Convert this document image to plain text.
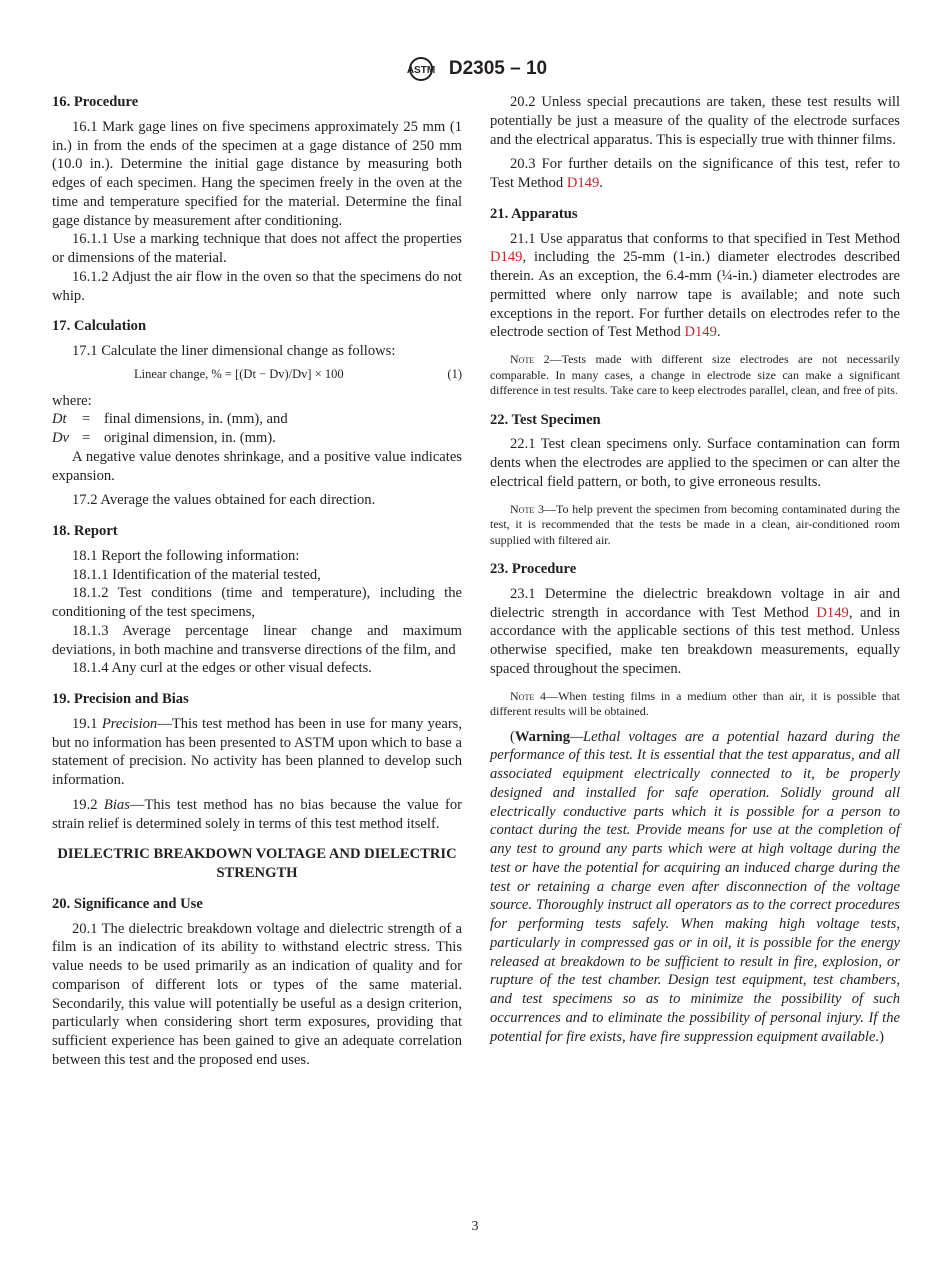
ASTM D2305 – 10
16. Procedure

16.1 Mark gage lines on five specimens approximately 25 mm (1 in.) in from the ends of the specimen at a gage distance of 250 mm (10.0 in.). Determine the initial gage distance by measuring both edges of each specimen. Hang the specimen freely in the oven at the time and temperature specified for the material. Determine the final gage distance by measurement after conditioning.

16.1.1 Use a marking technique that does not affect the properties or dimensions of the material.

16.1.2 Adjust the air flow in the oven so that the specimens do not whip.

17. Calculation

17.1 Calculate the liner dimensional change as follows:

Linear change, % = [(Dt − Dv)/Dv] × 100	(1)
where:
Dt	= final dimensions, in. (mm), and
Dv = original dimension, in. (mm).

A negative value denotes shrinkage, and a positive value indicates expansion.

17.2 Average the values obtained for each direction.

18. Report

18.1 Report the following information:

18.1.1 Identification of the material tested,

18.1.2 Test conditions (time and temperature), including the conditioning of the test specimens,

18.1.3 Average percentage linear change and maximum deviations, in both machine and transverse directions of the film, and

18.1.4 Any curl at the edges or other visual defects.

19. Precision and Bias

19.1 Precision—This test method has been in use for many years, but no information has been presented to ASTM upon which to base a statement of precision. No activity has been planned to develop such information.

19.2 Bias—This test method has no bias because the value for strain relief is determined solely in terms of this test method itself.

DIELECTRIC BREAKDOWN VOLTAGE AND DIELECTRIC STRENGTH
20. Significance and Use

20.1 The dielectric breakdown voltage and dielectric strength of a film is an indication of its ability to withstand electric stress. This value needs to be used primarily as an indication of quality and for comparison of different lots or types of the same material. Secondarily, this value will potentially be useful as a design criterion, particularly when considering short term exposures, providing that sufficient experience has been gained to give an adequate correlation between this test and the proposed end uses.

20.2 Unless special precautions are taken, these test results will potentially be just a measure of the quality of the electrode surfaces and the electrical apparatus. This is especially true with thinner films.

20.3 For further details on the significance of this test, refer to Test Method D149.

21. Apparatus

21.1 Use apparatus that conforms to that specified in Test Method D149, including the 25-mm (1-in.) diameter electrodes described therein. As an exception, the 6.4-mm (¼-in.) diameter electrodes are permitted where only narrow tape is available; and note such exceptions in the report. For further details on electrodes refer to the electrode section of Test Method D149.

Note 2—Tests made with different size electrodes are not necessarily comparable. In many cases, a change in electrode size can make a significant difference in test results. Take care to keep electrodes parallel, clean, and free of pits.

22. Test Specimen

22.1 Test clean specimens only. Surface contamination can form dents when the electrodes are applied to the specimen or can alter the electrical field pattern, or both, to give erroneous results.

Note 3—To help prevent the specimen from becoming contaminated during the test, it is recommended that the tests be made in a clean, air-conditioned room supplied with filtered air.

23. Procedure

23.1 Determine the dielectric breakdown voltage in air and dielectric strength in accordance with Test Method D149, and in accordance with the applicable sections of this test method. Unless otherwise specified, make ten breakdown measurements, equally spaced throughout the specimen.

Note 4—When testing films in a medium other than air, it is possible that different results will be obtained.

(Warning—Lethal voltages are a potential hazard during the performance of this test. It is essential that the test apparatus, and all associated equipment electrically connected to it, be properly designed and installed for safe operation. Solidly ground all electrically conductive parts which it is possible for a person to contact during the test. Provide means for use at the completion of any test to ground any parts which were at high voltage during the test or have the potential for acquiring an induced charge during the test or retaining a charge even after disconnection of the voltage source. Thoroughly instruct all operators as to the correct procedures for performing tests safely. When making high voltage tests, particularly in compressed gas or in oil, it is possible for the energy released at breakdown to be sufficient to result in fire, explosion, or rupture of the test chamber. Design test equipment, test chambers, and test specimens so as to minimize the possibility of such occurrences and to eliminate the possibility of personal injury. If the potential for fire exists, have fire suppression equipment available.)

3
